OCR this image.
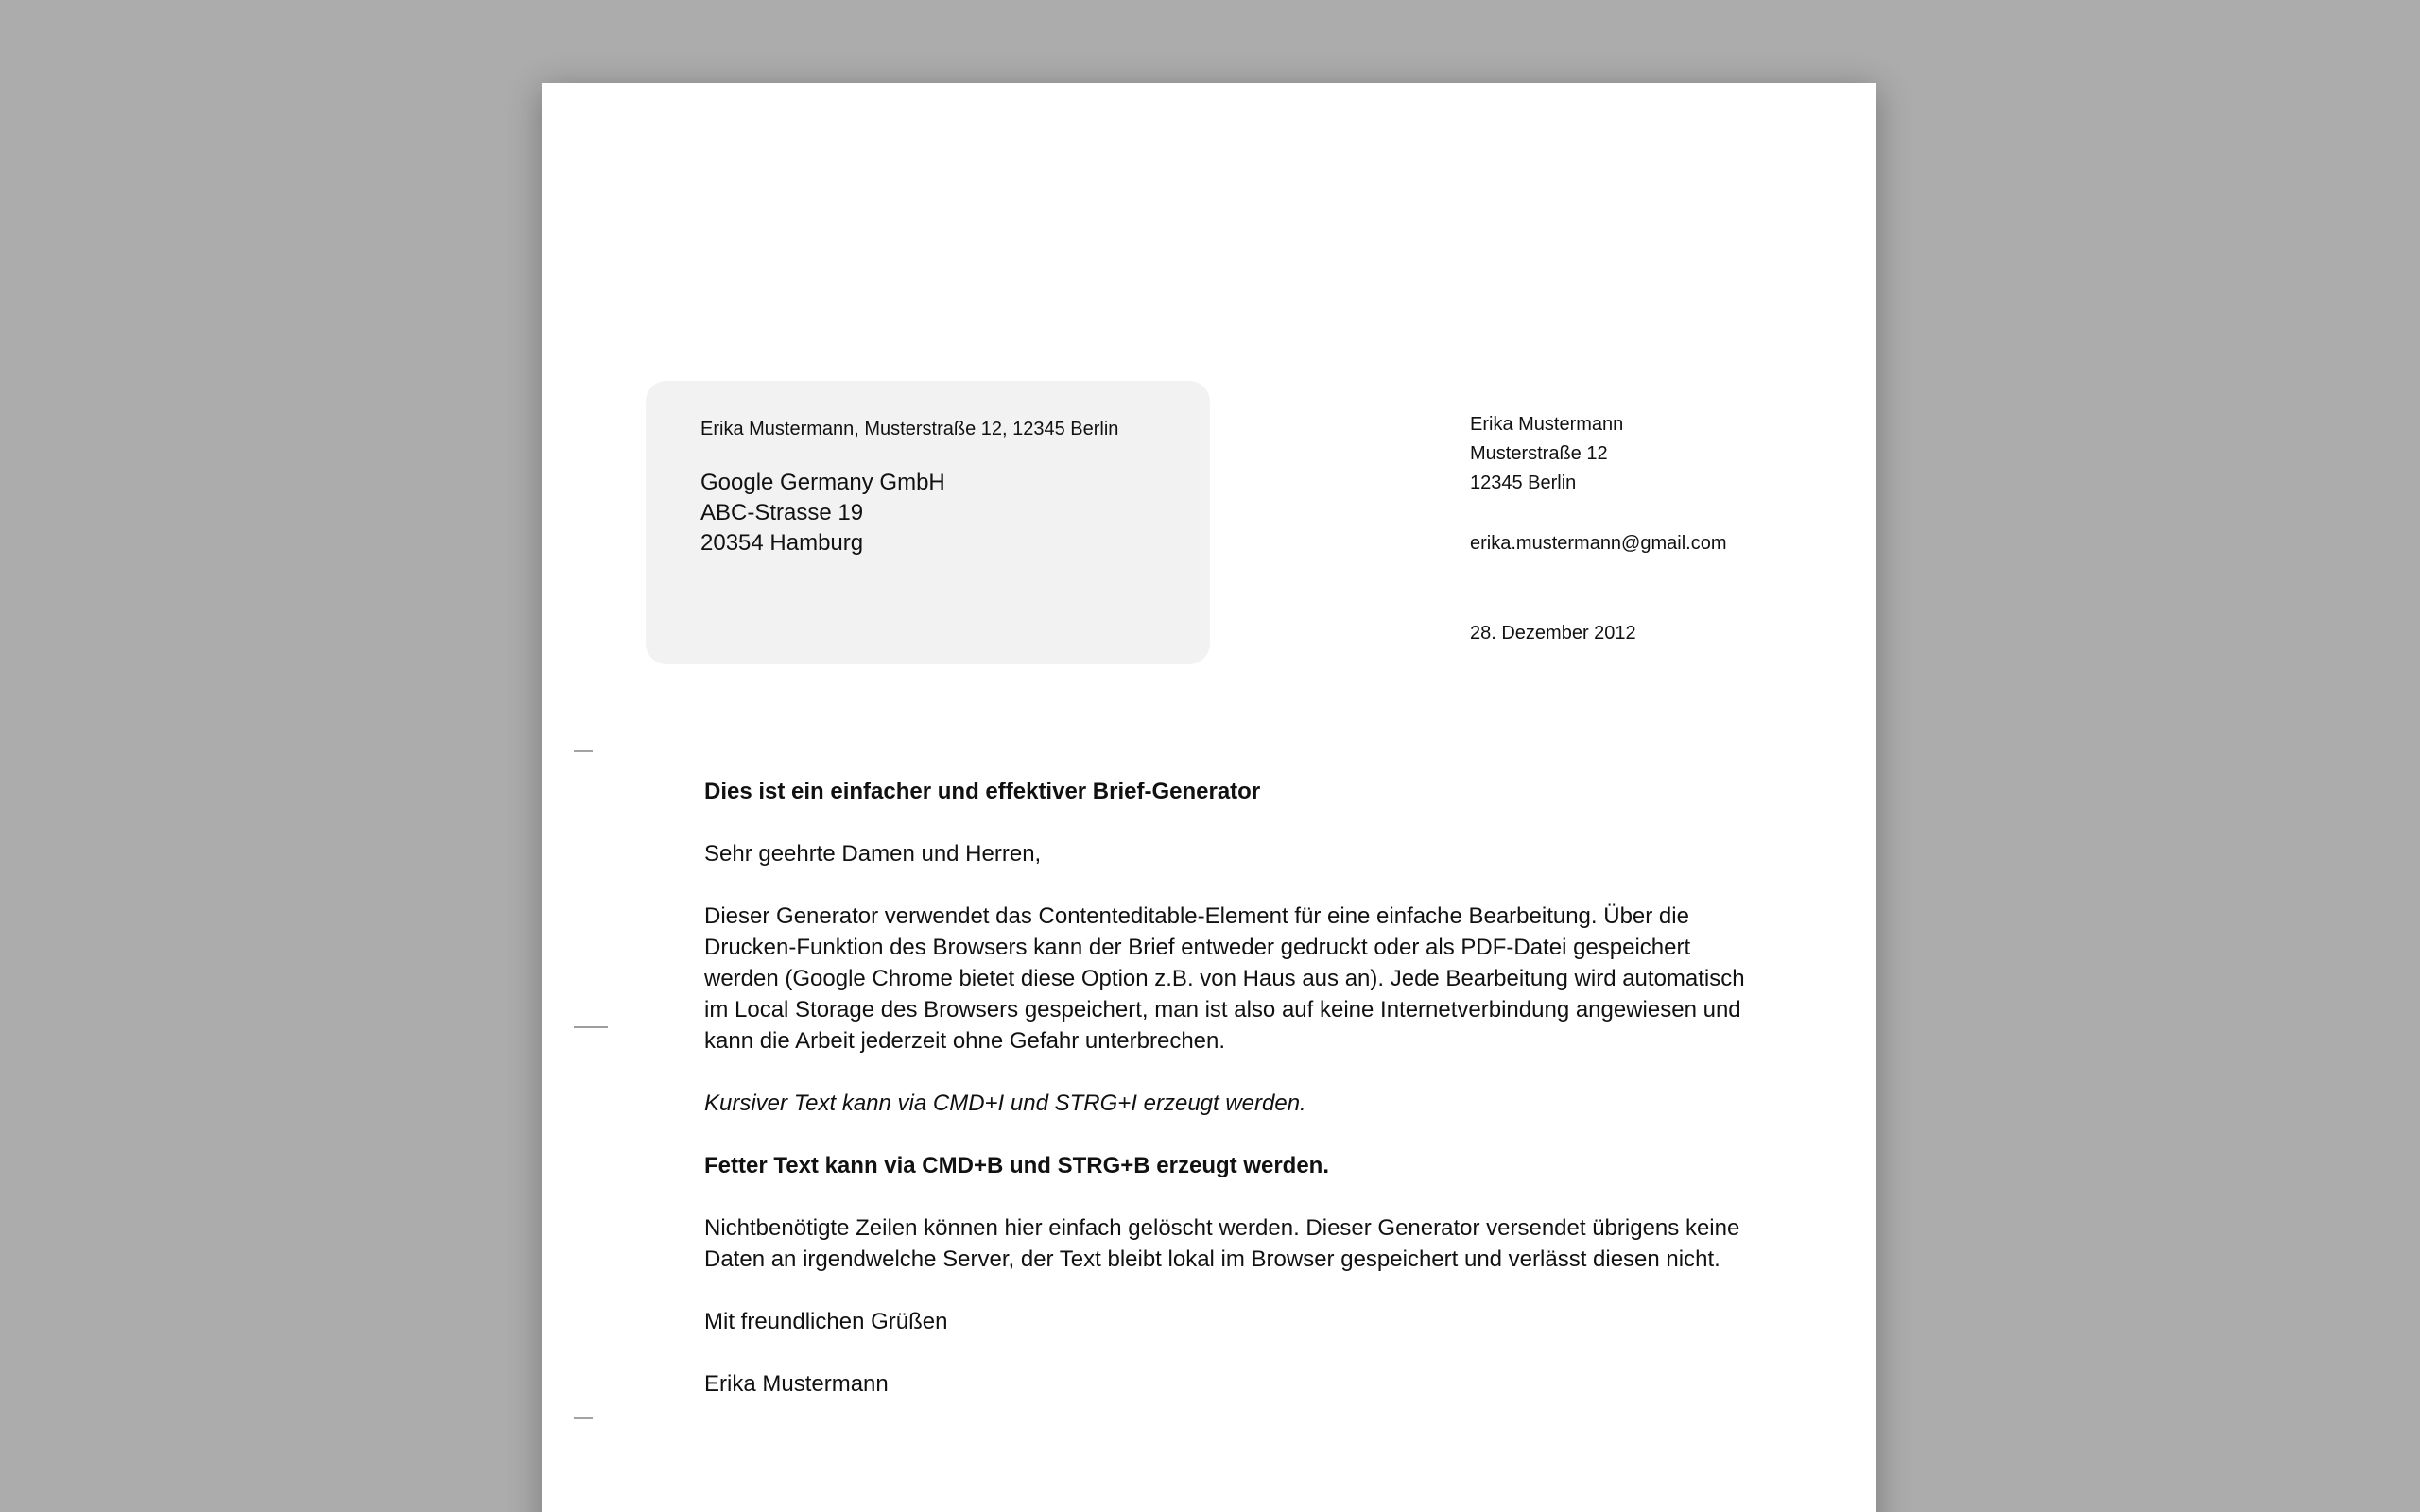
Erika Mustermann, Musterstraße 12, 12345 Berlin
Google Germany GmbH
ABC-Strasse 19
20354 Hamburg
Erika Mustermann
Musterstraße 12
12345 Berlin
erika.mustermann@gmail.com
28. Dezember 2012

Dies ist ein einfacher und effektiver Brief-Generator

Sehr geehrte Damen und Herren,

Dieser Generator verwendet das Contenteditable-Element für eine einfache Bearbeitung. Über die Drucken-Funktion des Browsers kann der Brief entweder gedruckt oder als PDF-Datei gespeichert werden (Google Chrome bietet diese Option z.B. von Haus aus an). Jede Bearbeitung wird automatisch im Local Storage des Browsers gespeichert, man ist also auf keine Internetverbindung angewiesen und kann die Arbeit jederzeit ohne Gefahr unterbrechen.

Kursiver Text kann via CMD+I und STRG+I erzeugt werden.

Fetter Text kann via CMD+B und STRG+B erzeugt werden.

Nichtbenötigte Zeilen können hier einfach gelöscht werden. Dieser Generator versendet übrigens keine Daten an irgendwelche Server, der Text bleibt lokal im Browser gespeichert und verlässt diesen nicht.

Mit freundlichen Grüßen

Erika Mustermann
